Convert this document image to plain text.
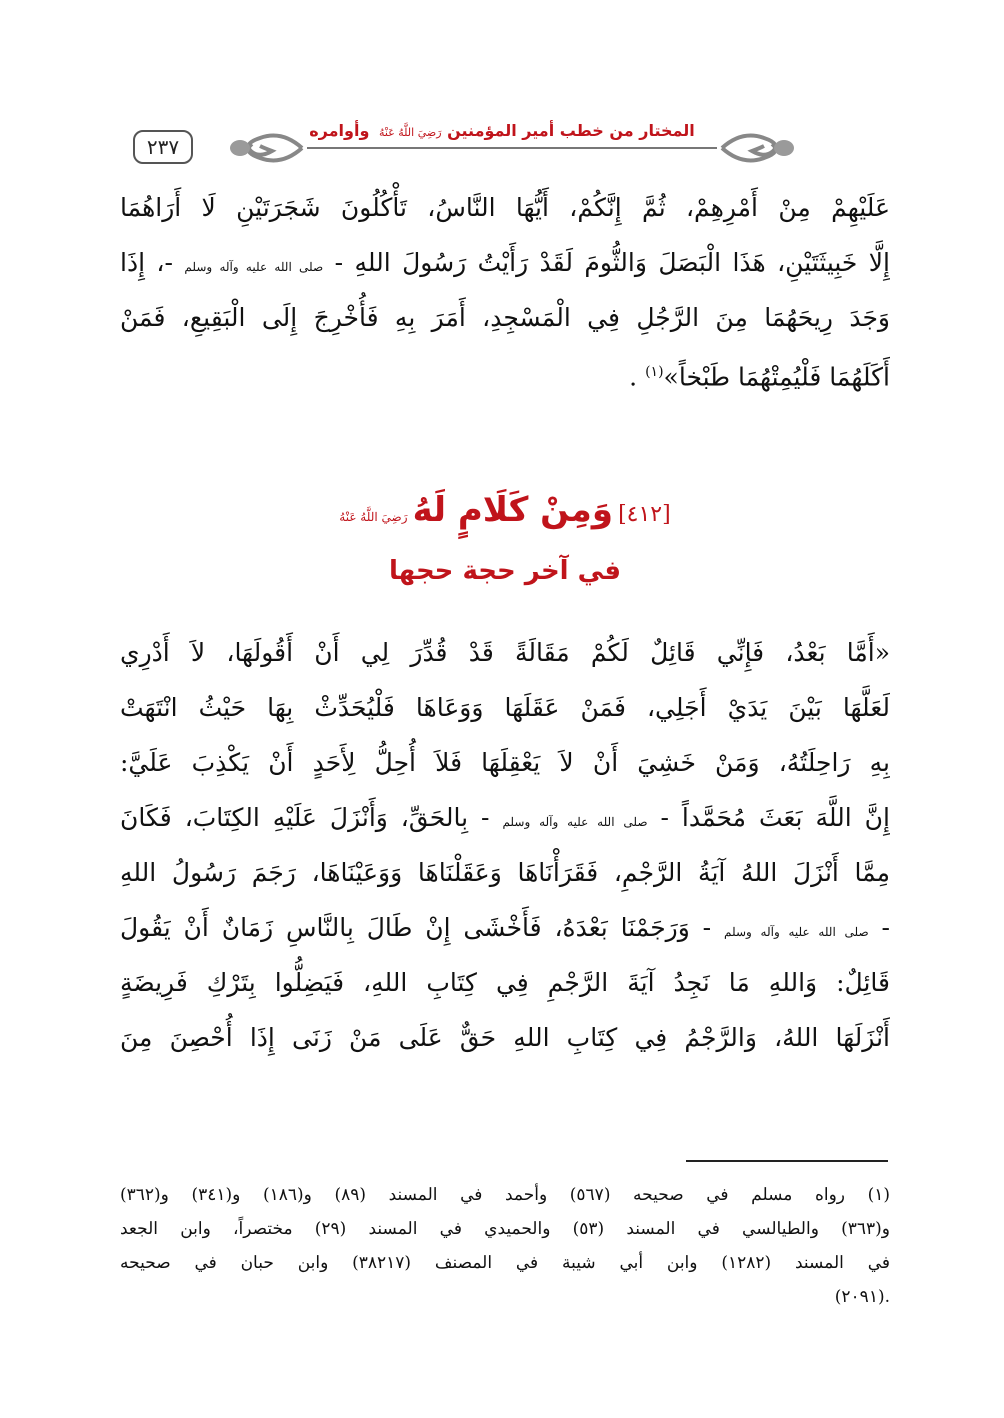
٢٣٧
المختار من خطب أمير المؤمنين رَضِيَ اللَّهُ عَنْهُ وأوامره
عَلَيْهِمْ مِنْ أَمْرِهِمْ، ثُمَّ إِنَّكُمْ، أَيُّهَا النَّاسُ، تَأْكُلُونَ شَجَرَتَيْنِ لَا أَرَاهُمَا
إِلَّا خَبِيثَتَيْنِ، هَذَا الْبَصَلَ وَالثُّومَ لَقَدْ رَأَيْتُ رَسُولَ اللهِ - صلى الله عليه وآله وسلم -، إِذَا
وَجَدَ رِيحَهُمَا مِنَ الرَّجُلِ فِي الْمَسْجِدِ، أَمَرَ بِهِ فَأُخْرِجَ إِلَى الْبَقِيعِ، فَمَنْ
أَكَلَهُمَا فَلْيُمِتْهُمَا طَبْخاً»$^{(١)}$ .
[٤١٢] وَمِنْ كَلَامٍ لَهُ رَضِيَ اللَّهُ عَنْهُ
في آخر حجة حجها
«أَمَّا بَعْدُ، فَإِنِّي قَائِلٌ لَكُمْ مَقَالَةً قَدْ قُدِّرَ لِي أَنْ أَقُولَهَا، لاَ أَدْرِي
لَعَلَّهَا بَيْنَ يَدَيْ أَجَلِي، فَمَنْ عَقَلَهَا وَوَعَاهَا فَلْيُحَدِّثْ بِهَا حَيْثُ انْتَهَتْ
بِهِ رَاحِلَتُهُ، وَمَنْ خَشِيَ أَنْ لاَ يَعْقِلَهَا فَلاَ أُحِلُّ لِأَحَدٍ أَنْ يَكْذِبَ عَلَيَّ:
إِنَّ اللَّهَ بَعَثَ مُحَمَّداً - صلى الله عليه وآله وسلم - بِالحَقِّ، وَأَنْزَلَ عَلَيْهِ الكِتَابَ، فَكَانَ
مِمَّا أَنْزَلَ اللهُ آيَةُ الرَّجْمِ، فَقَرَأْنَاهَا وَعَقَلْنَاهَا وَوَعَيْنَاهَا، رَجَمَ رَسُولُ اللهِ
- صلى الله عليه وآله وسلم - وَرَجَمْنَا بَعْدَهُ، فَأَخْشَى إِنْ طَالَ بِالنَّاسِ زَمَانٌ أَنْ يَقُولَ
قَائِلٌ: وَاللهِ مَا نَجِدُ آيَةَ الرَّجْمِ فِي كِتَابِ اللهِ، فَيَضِلُّوا بِتَرْكِ فَرِيضَةٍ
أَنْزَلَهَا اللهُ، وَالرَّجْمُ فِي كِتَابِ اللهِ حَقٌّ عَلَى مَنْ زَنَى إِذَا أُحْصِنَ مِنَ
(١) رواه مسلم في صحيحه (٥٦٧) وأحمد في المسند (٨٩) و(١٨٦) و(٣٤١) و(٣٦٢)
و(٣٦٣) والطيالسي في المسند (٥٣) والحميدي في المسند (٢٩) مختصراً، وابن الجعد
في المسند (١٢٨٢) وابن أبي شيبة في المصنف (٣٨٢١٧) وابن حبان في صحيحه
.(٢٠٩١)
